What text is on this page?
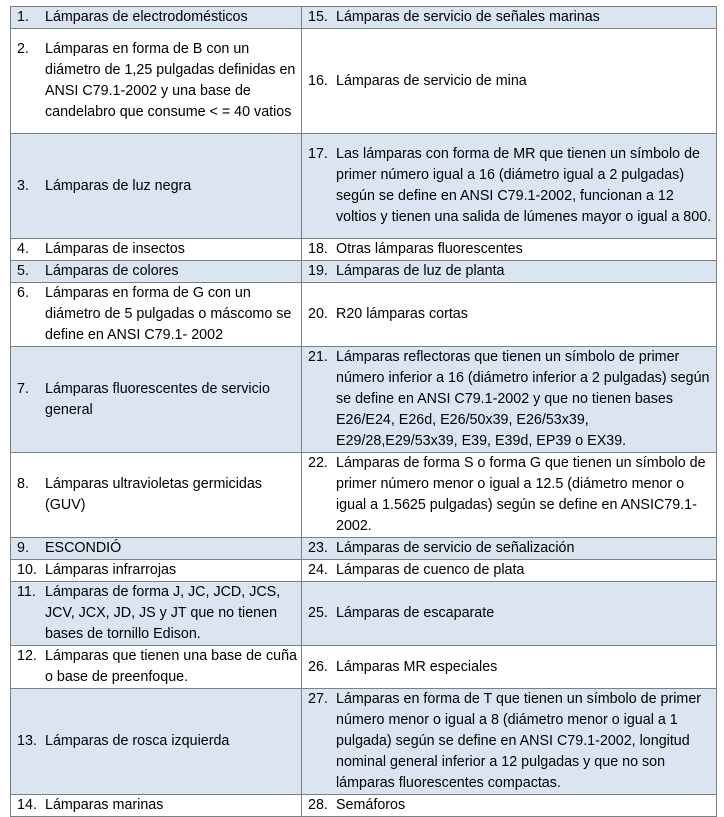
1. Lámparas de electrodomésticos	15. Lámparas de servicio de señales marinas

2. Lámparas en forma de B con un diámetro de 1,25 pulgadas definidas en ANSI C79.1-2002 y una base de candelabro que consume < = 40 vatios	16. Lámparas de servicio de mina

3. Lámparas de luz negra	17. Las lámparas con forma de MR que tienen un símbolo de primer número igual a 16 (diámetro igual a 2 pulgadas) según se define en ANSI C79.1-2002, funcionan a 12 voltios y tienen una salida de lúmenes mayor o igual a 800.

4. Lámparas de insectos	18. Otras lámparas fluorescentes

5. Lámparas de colores	19. Lámparas de luz de planta

6. Lámparas en forma de G con un diámetro de 5 pulgadas o máscomo se define en ANSI C79.1- 2002	20. R20 lámparas cortas

7. Lámparas fluorescentes de servicio general	21. Lámparas reflectoras que tienen un símbolo de primer número inferior a 16 (diámetro inferior a 2 pulgadas) según se define en ANSI C79.1-2002 y que no tienen bases E26/E24, E26d, E26/50x39, E26/53x39, E29/28,E29/53x39, E39, E39d, EP39 o EX39.

8. Lámparas ultravioletas germicidas (GUV)	22. Lámparas de forma S o forma G que tienen un símbolo de primer número menor o igual a 12.5 (diámetro menor o igual a 1.5625 pulgadas) según se define en ANSIC79.1-2002.

9. ESCONDIÓ	23. Lámparas de servicio de señalización

10. Lámparas infrarrojas	24. Lámparas de cuenco de plata

11. Lámparas de forma J, JC, JCD, JCS, JCV, JCX, JD, JS y JT que no tienen bases de tornillo Edison.	25. Lámparas de escaparate

12. Lámparas que tienen una base de cuña o base de preenfoque.	26. Lámparas MR especiales

13. Lámparas de rosca izquierda	27. Lámparas en forma de T que tienen un símbolo de primer número menor o igual a 8 (diámetro menor o igual a 1 pulgada) según se define en ANSI C79.1-2002, longitud nominal general inferior a 12 pulgadas y que no son lámparas fluorescentes compactas.

14. Lámparas marinas	28. Semáforos
